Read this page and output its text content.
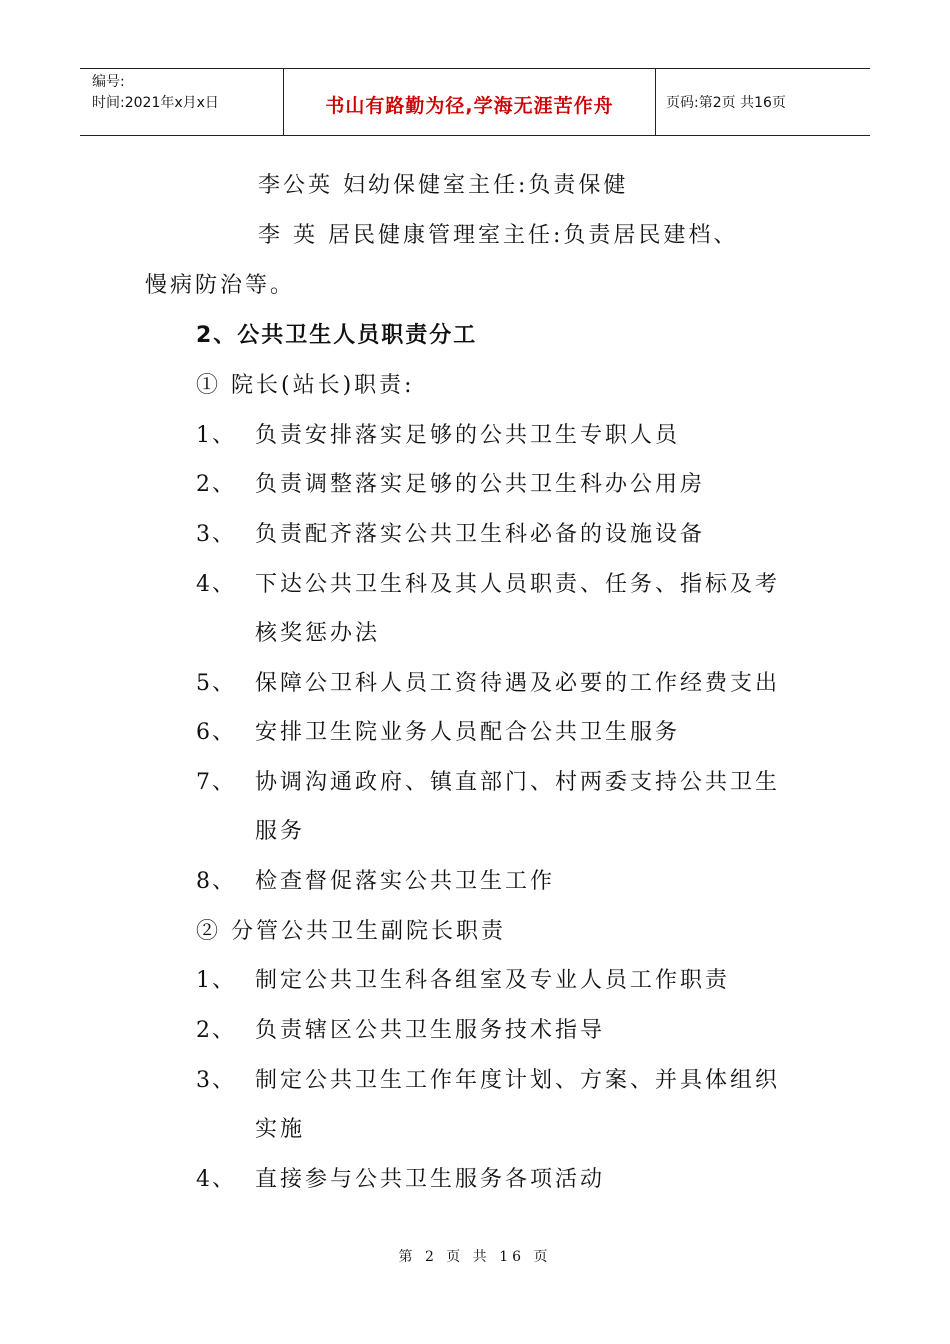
编号:
时间:2021年x月x日	书山有路勤为径,学海无涯苦作舟	页码:第2页 共16页
李公英 妇幼保健室主任:负责保健
李 英 居民健康管理室主任:负责居民建档、
慢病防治等。
2、公共卫生人员职责分工
① 院长(站长)职责:
1、 负责安排落实足够的公共卫生专职人员
2、 负责调整落实足够的公共卫生科办公用房
3、 负责配齐落实公共卫生科必备的设施设备
4、 下达公共卫生科及其人员职责、任务、指标及考
核奖惩办法
5、 保障公卫科人员工资待遇及必要的工作经费支出
6、 安排卫生院业务人员配合公共卫生服务
7、 协调沟通政府、镇直部门、村两委支持公共卫生
服务
8、 检查督促落实公共卫生工作
② 分管公共卫生副院长职责
1、 制定公共卫生科各组室及专业人员工作职责
2、 负责辖区公共卫生服务技术指导
3、 制定公共卫生工作年度计划、方案、并具体组织
实施
4、 直接参与公共卫生服务各项活动
第 2 页 共 16 页
